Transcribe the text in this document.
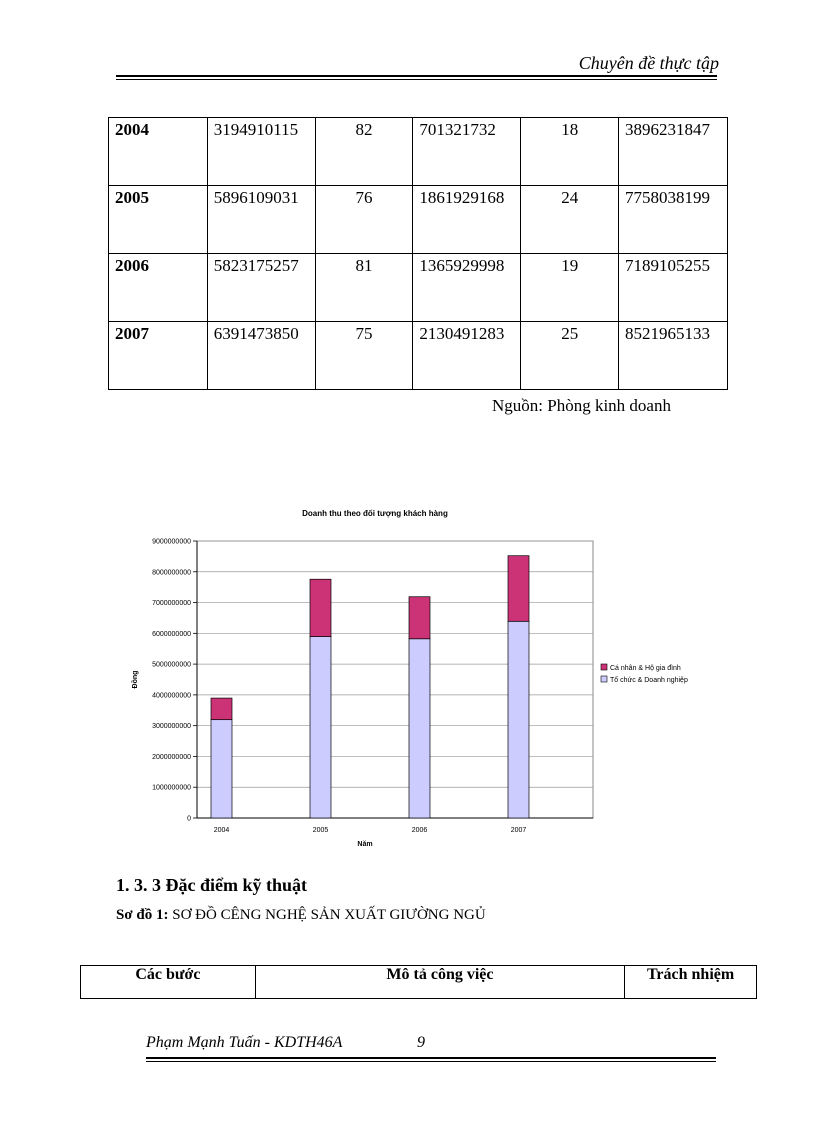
Chuyên đề thực tập
2004	3194910115	82	701321732	18	3896231847
2005	5896109031	76	1861929168	24	7758038199
2006	5823175257	81	1365929998	19	7189105255
2007	6391473850	75	2130491283	25	8521965133
Nguồn: Phòng kinh doanh
Doanh thu theo đối tượng khách hàng
0
1000000000
2000000000
3000000000
4000000000
5000000000
6000000000
7000000000
8000000000
9000000000
2004	2005	2006	2007
Năm
Đồng
Cá nhân & Hộ gia đình
Tổ chức & Doanh nghiệp
1. 3. 3 Đặc điểm kỹ thuật
Sơ đồ 1: SƠ ĐỒ CÊNG NGHỆ SẢN XUẤT GIƯỜNG NGỦ
Các bước	Mô tả công việc	Trách nhiệm
Phạm Mạnh Tuấn - KDTH46A	9
